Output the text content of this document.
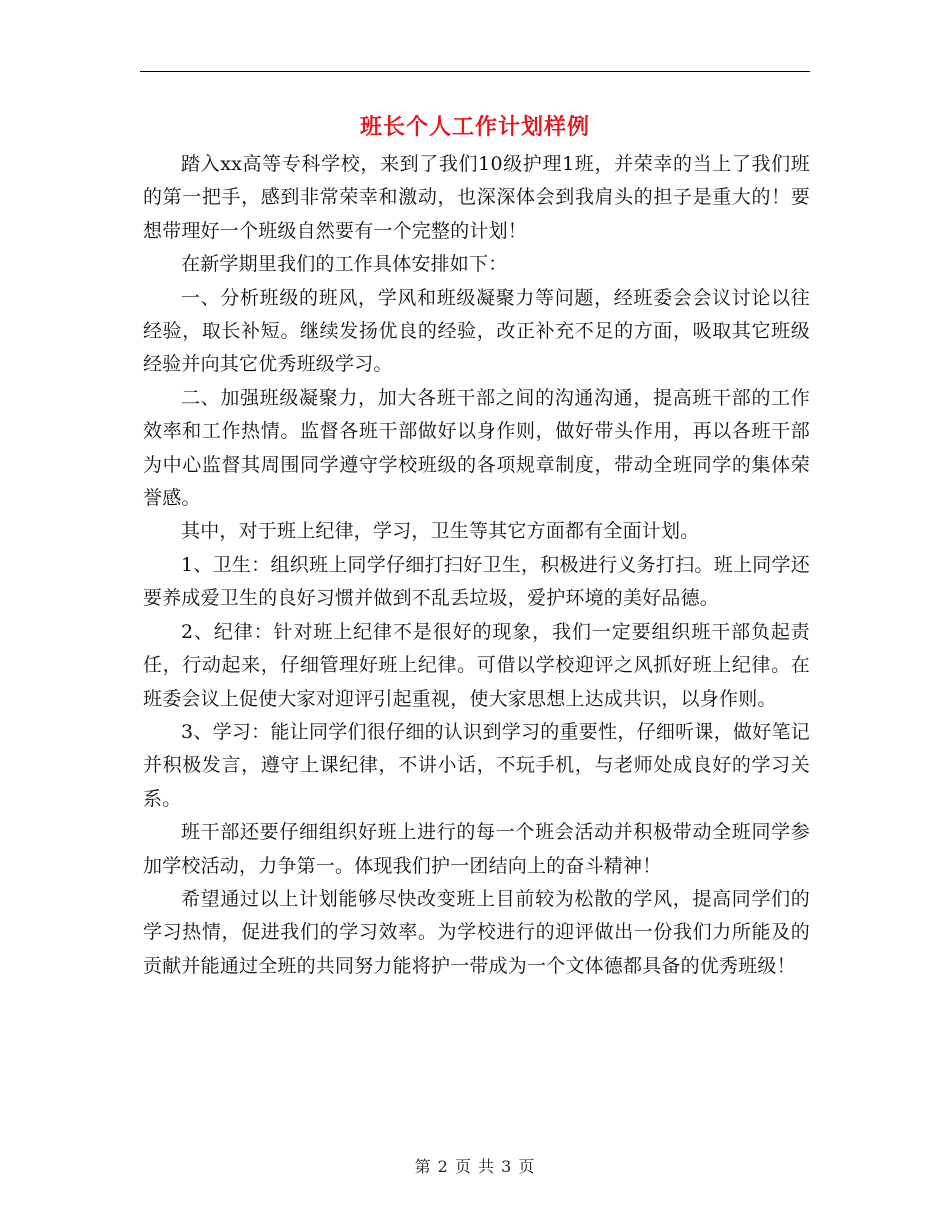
班长个人工作计划样例

踏入xx高等专科学校，来到了我们10级护理1班，并荣幸的当上了我们班的第一把手，感到非常荣幸和激动，也深深体会到我肩头的担子是重大的！要想带理好一个班级自然要有一个完整的计划！

在新学期里我们的工作具体安排如下：

一、分析班级的班风，学风和班级凝聚力等问题，经班委会会议讨论以往经验，取长补短。继续发扬优良的经验，改正补充不足的方面，吸取其它班级经验并向其它优秀班级学习。

二、加强班级凝聚力，加大各班干部之间的沟通沟通，提高班干部的工作效率和工作热情。监督各班干部做好以身作则，做好带头作用，再以各班干部为中心监督其周围同学遵守学校班级的各项规章制度，带动全班同学的集体荣誉感。

其中，对于班上纪律，学习，卫生等其它方面都有全面计划。

1、卫生：组织班上同学仔细打扫好卫生，积极进行义务打扫。班上同学还要养成爱卫生的良好习惯并做到不乱丢垃圾，爱护环境的美好品德。

2、纪律：针对班上纪律不是很好的现象，我们一定要组织班干部负起责任，行动起来，仔细管理好班上纪律。可借以学校迎评之风抓好班上纪律。在班委会议上促使大家对迎评引起重视，使大家思想上达成共识，以身作则。

3、学习：能让同学们很仔细的认识到学习的重要性，仔细听课，做好笔记并积极发言，遵守上课纪律，不讲小话，不玩手机，与老师处成良好的学习关系。

班干部还要仔细组织好班上进行的每一个班会活动并积极带动全班同学参加学校活动，力争第一。体现我们护一团结向上的奋斗精神！

希望通过以上计划能够尽快改变班上目前较为松散的学风，提高同学们的学习热情，促进我们的学习效率。为学校进行的迎评做出一份我们力所能及的贡献并能通过全班的共同努力能将护一带成为一个文体德都具备的优秀班级！

第 2 页 共 3 页
